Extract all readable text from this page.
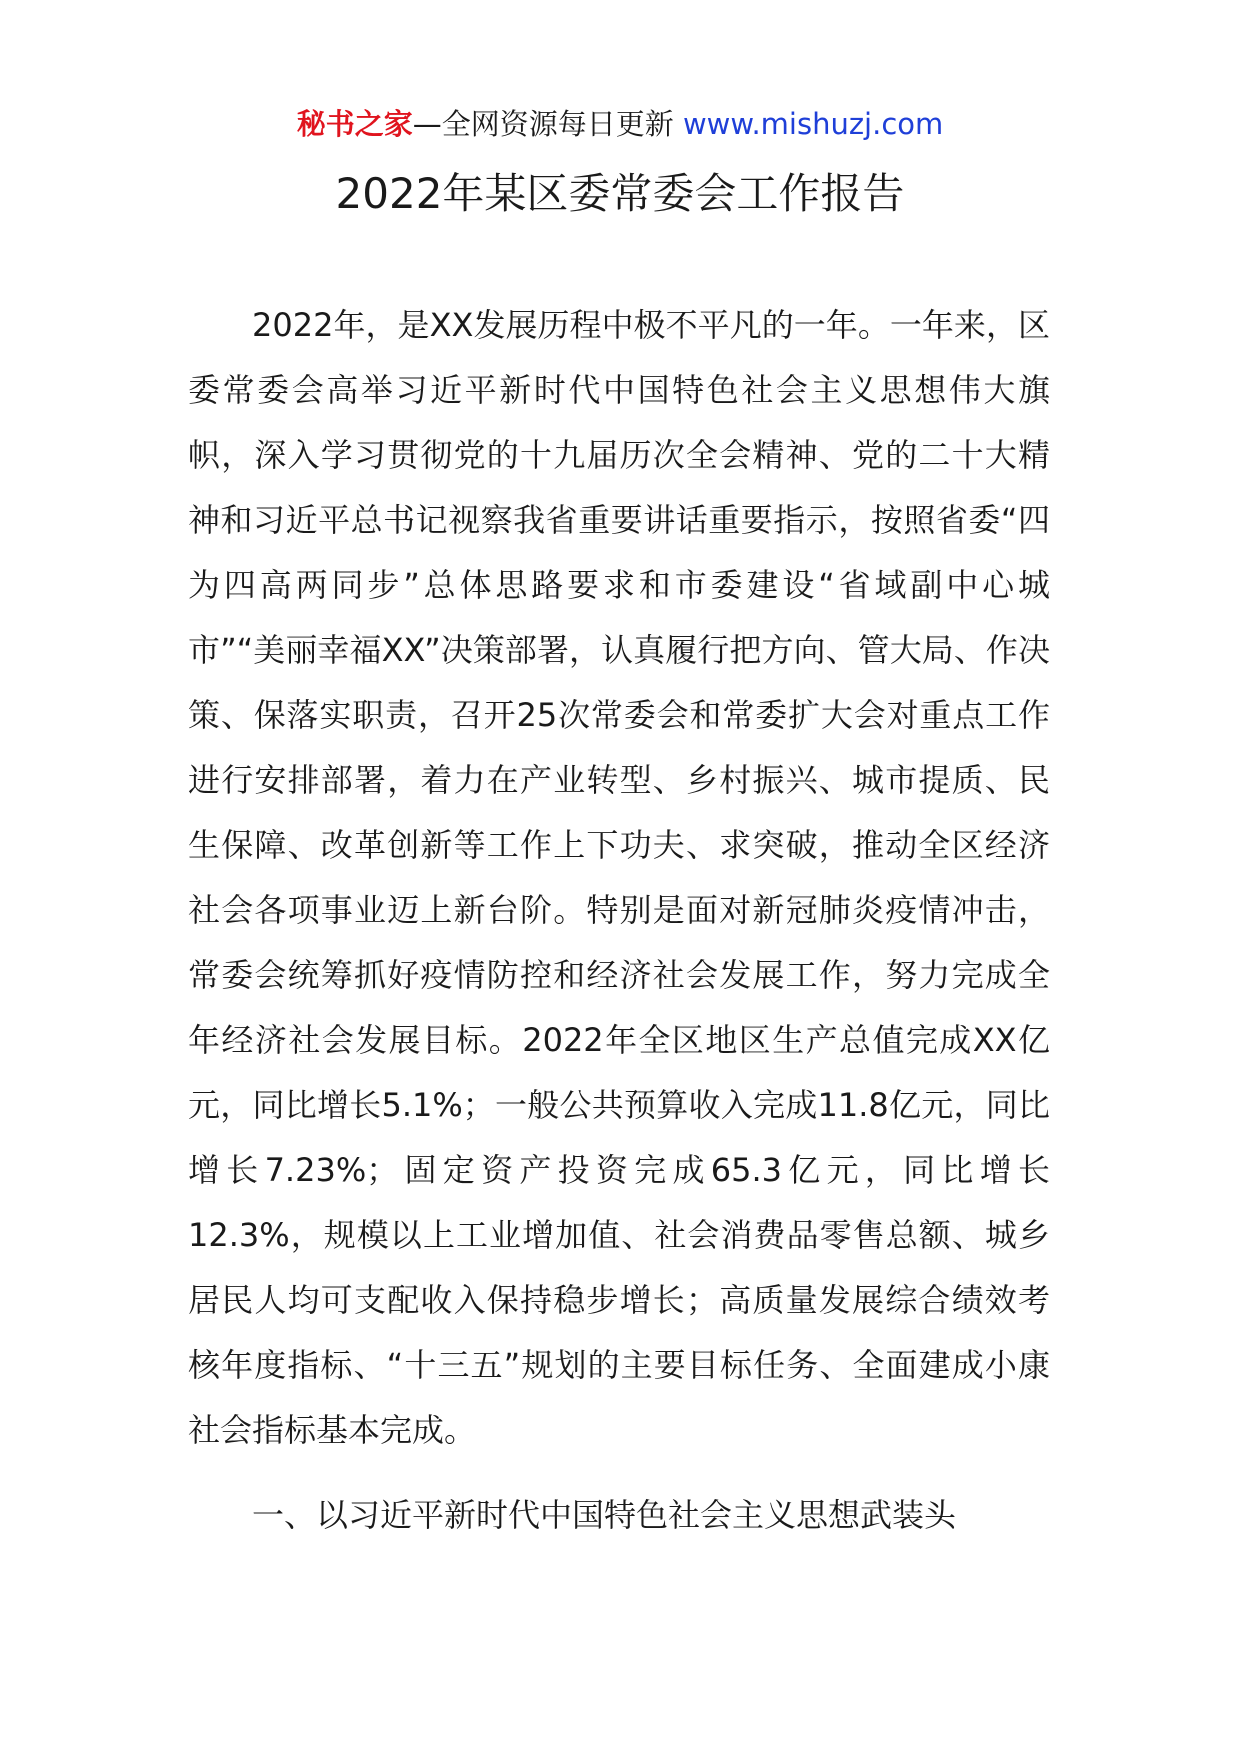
秘书之家—全网资源每日更新 www.mishuzj.com
2022年某区委常委会工作报告

2022年，是XX发展历程中极不平凡的一年。一年来，区委常委会高举习近平新时代中国特色社会主义思想伟大旗帜，深入学习贯彻党的十九届历次全会精神、党的二十大精神和习近平总书记视察我省重要讲话重要指示，按照省委“四为四高两同步”总体思路要求和市委建设“省域副中心城市”“美丽幸福XX”决策部署，认真履行把方向、管大局、作决策、保落实职责，召开25次常委会和常委扩大会对重点工作进行安排部署，着力在产业转型、乡村振兴、城市提质、民生保障、改革创新等工作上下功夫、求突破，推动全区经济社会各项事业迈上新台阶。特别是面对新冠肺炎疫情冲击，常委会统筹抓好疫情防控和经济社会发展工作，努力完成全年经济社会发展目标。2022年全区地区生产总值完成XX亿元，同比增长5.1%；一般公共预算收入完成11.8亿元，同比增长7.23%；固定资产投资完成65.3亿元，同比增长12.3%，规模以上工业增加值、社会消费品零售总额、城乡居民人均可支配收入保持稳步增长；高质量发展综合绩效考核年度指标、“十三五”规划的主要目标任务、全面建成小康社会指标基本完成。

一、以习近平新时代中国特色社会主义思想武装头
